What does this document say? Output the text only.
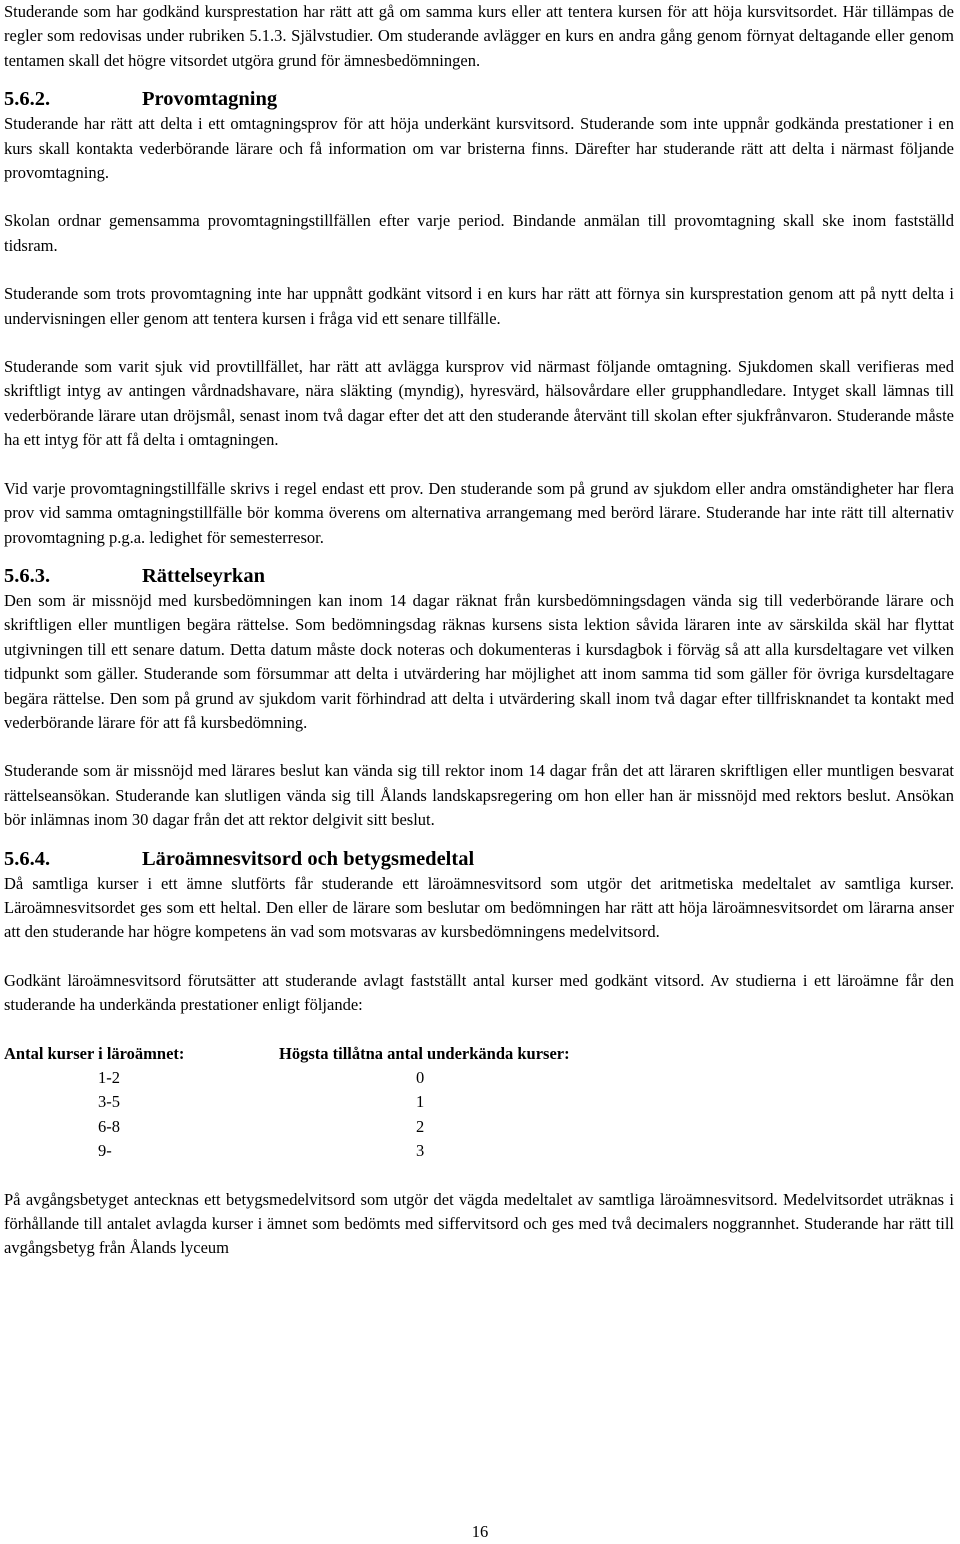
Studerande som har godkänd kursprestation har rätt att gå om samma kurs eller att tentera kursen för att höja kursvitsordet. Här tillämpas de regler som redovisas under rubriken 5.1.3. Självstudier. Om studerande avlägger en kurs en andra gång genom förnyat deltagande eller genom tentamen skall det högre vitsordet utgöra grund för ämnesbedömningen.

5.6.2.	Provomtagning

Studerande har rätt att delta i ett omtagningsprov för att höja underkänt kursvitsord. Studerande som inte uppnår godkända prestationer i en kurs skall kontakta vederbörande lärare och få information om var bristerna finns. Därefter har studerande rätt att delta i närmast följande provomtagning.

Skolan ordnar gemensamma provomtagningstillfällen efter varje period. Bindande anmälan till provomtagning skall ske inom fastställd tidsram.

Studerande som trots provomtagning inte har uppnått godkänt vitsord i en kurs har rätt att förnya sin kursprestation genom att på nytt delta i undervisningen eller genom att tentera kursen i fråga vid ett senare tillfälle.

Studerande som varit sjuk vid provtillfället, har rätt att avlägga kursprov vid närmast följande omtagning. Sjukdomen skall verifieras med skriftligt intyg av antingen vårdnadshavare, nära släkting (myndig), hyresvärd, hälsovårdare eller grupphandledare. Intyget skall lämnas till vederbörande lärare utan dröjsmål, senast inom två dagar efter det att den studerande återvänt till skolan efter sjukfrånvaron. Studerande måste ha ett intyg för att få delta i omtagningen.

Vid varje provomtagningstillfälle skrivs i regel endast ett prov. Den studerande som på grund av sjukdom eller andra omständigheter har flera prov vid samma omtagningstillfälle bör komma överens om alternativa arrangemang med berörd lärare. Studerande har inte rätt till alternativ provomtagning p.g.a. ledighet för semesterresor.

5.6.3.	Rättelseyrkan

Den som är missnöjd med kursbedömningen kan inom 14 dagar räknat från kursbedömningsdagen vända sig till vederbörande lärare och skriftligen eller muntligen begära rättelse. Som bedömningsdag räknas kursens sista lektion såvida läraren inte av särskilda skäl har flyttat utgivningen till ett senare datum. Detta datum måste dock noteras och dokumenteras i kursdagbok i förväg så att alla kursdeltagare vet vilken tidpunkt som gäller. Studerande som försummar att delta i utvärdering har möjlighet att inom samma tid som gäller för övriga kursdeltagare begära rättelse. Den som på grund av sjukdom varit förhindrad att delta i utvärdering skall inom två dagar efter tillfrisknandet ta kontakt med vederbörande lärare för att få kursbedömning.

Studerande som är missnöjd med lärares beslut kan vända sig till rektor inom 14 dagar från det att läraren skriftligen eller muntligen besvarat rättelseansökan. Studerande kan slutligen vända sig till Ålands landskapsregering om hon eller han är missnöjd med rektors beslut. Ansökan bör inlämnas inom 30 dagar från det att rektor delgivit sitt beslut.

5.6.4.	Läroämnesvitsord och betygsmedeltal

Då samtliga kurser i ett ämne slutförts får studerande ett läroämnesvitsord som utgör det aritmetiska medeltalet av samtliga kurser. Läroämnesvitsordet ges som ett heltal. Den eller de lärare som beslutar om bedömningen har rätt att höja läroämnesvitsordet om lärarna anser att den studerande har högre kompetens än vad som motsvaras av kursbedömningens medelvitsord.

Godkänt läroämnesvitsord förutsätter att studerande avlagt fastställt antal kurser med godkänt vitsord. Av studierna i ett läroämne får den studerande ha underkända prestationer enligt följande:

Antal kurser i läroämnet:	Högsta tillåtna antal underkända kurser:
1-2	0
3-5	1
6-8	2
9-	3

På avgångsbetyget antecknas ett betygsmedelvitsord som utgör det vägda medeltalet av samtliga läroämnesvitsord. Medelvitsordet uträknas i förhållande till antalet avlagda kurser i ämnet som bedömts med siffervitsord och ges med två decimalers noggrannhet. Studerande har rätt till avgångsbetyg från Ålands lyceum

16
